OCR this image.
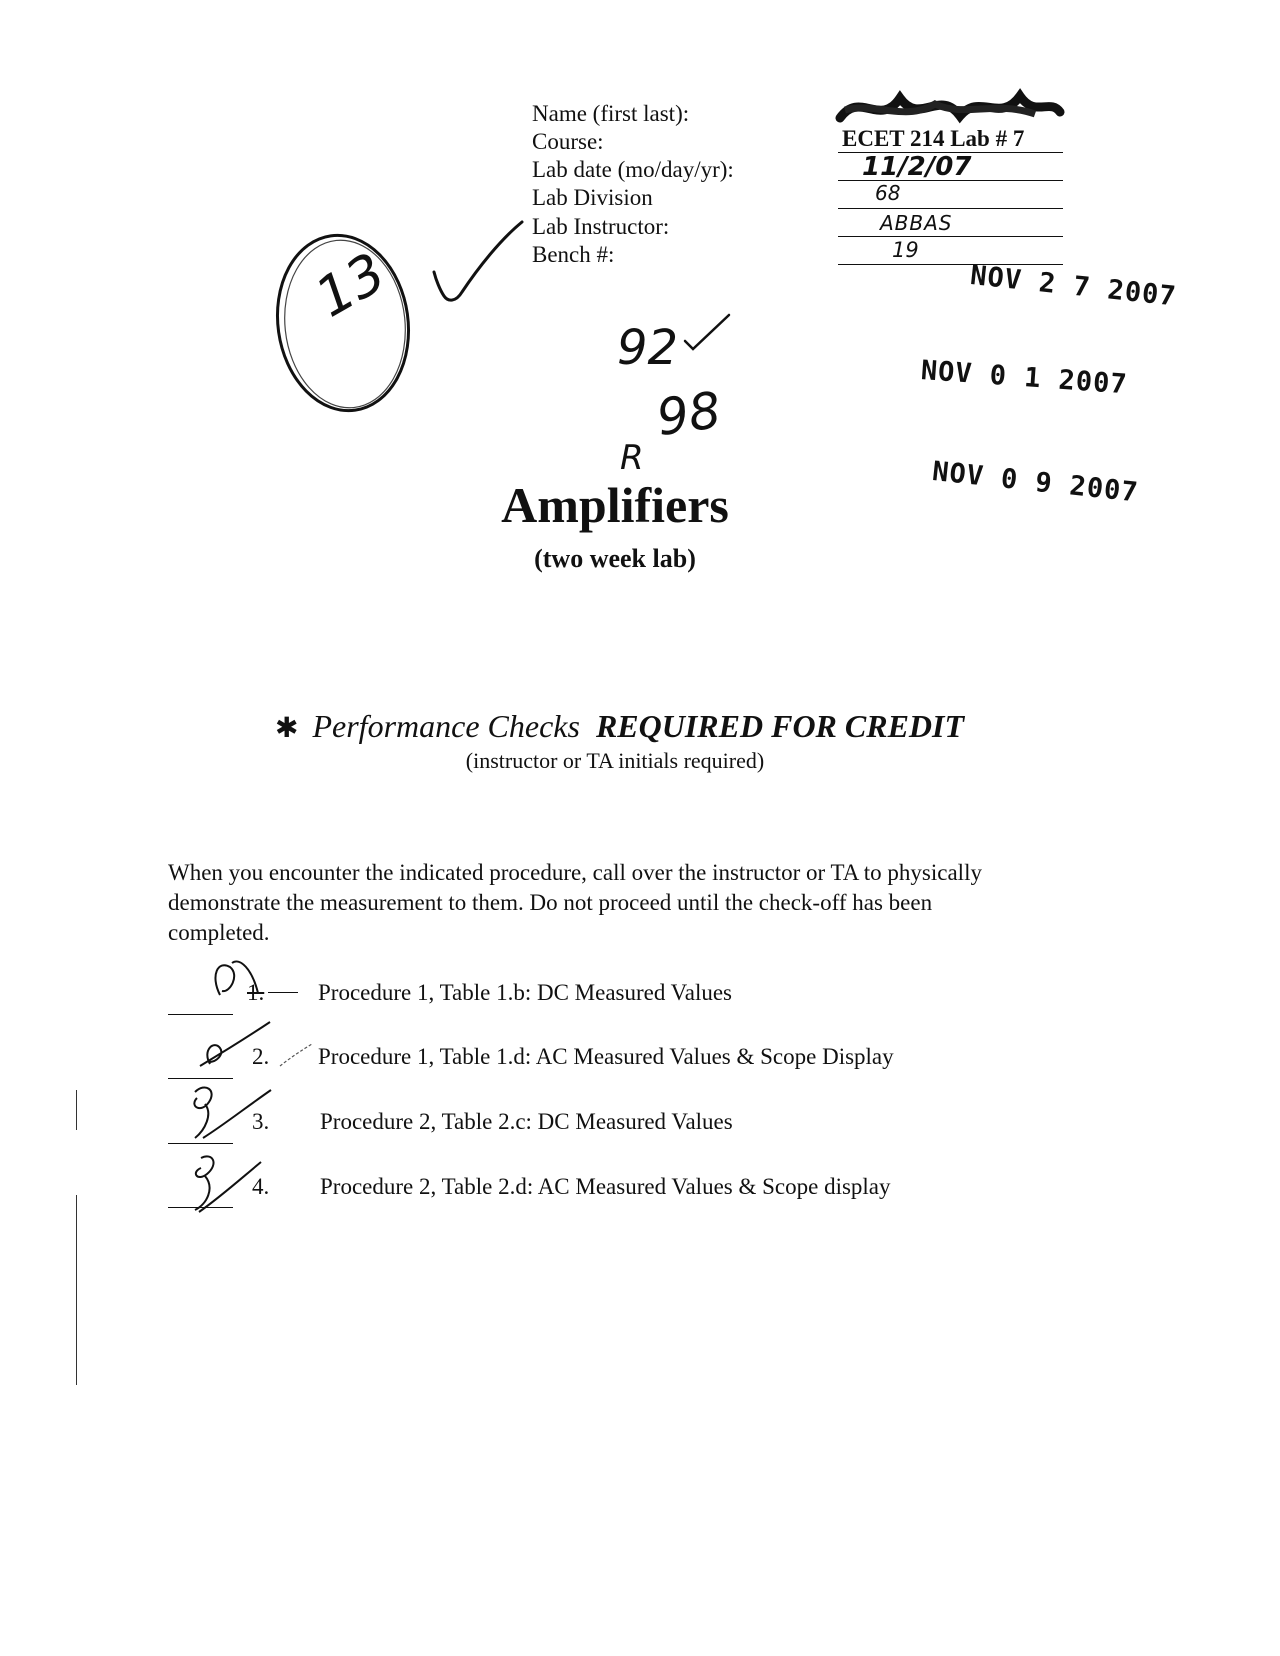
Name (first last):
Course:
Lab date (mo/day/yr):
Lab Division
Lab Instructor:
Bench #:
ECET 214 Lab # 7
11/2/07
68
ABBAS
19
NOV 2 7 2007
NOV 0 1 2007
NOV 0 9 2007
13
92
98
R
Amplifiers
(two week lab)
✱ Performance Checks REQUIRED FOR CREDIT
(instructor or TA initials required)
When you encounter the indicated procedure, call over the instructor or TA to physically
demonstrate the measurement to them. Do not proceed until the check-off has been
completed.
1. Procedure 1, Table 1.b: DC Measured Values
2. Procedure 1, Table 1.d: AC Measured Values & Scope Display
3. Procedure 2, Table 2.c: DC Measured Values
4. Procedure 2, Table 2.d: AC Measured Values & Scope display
